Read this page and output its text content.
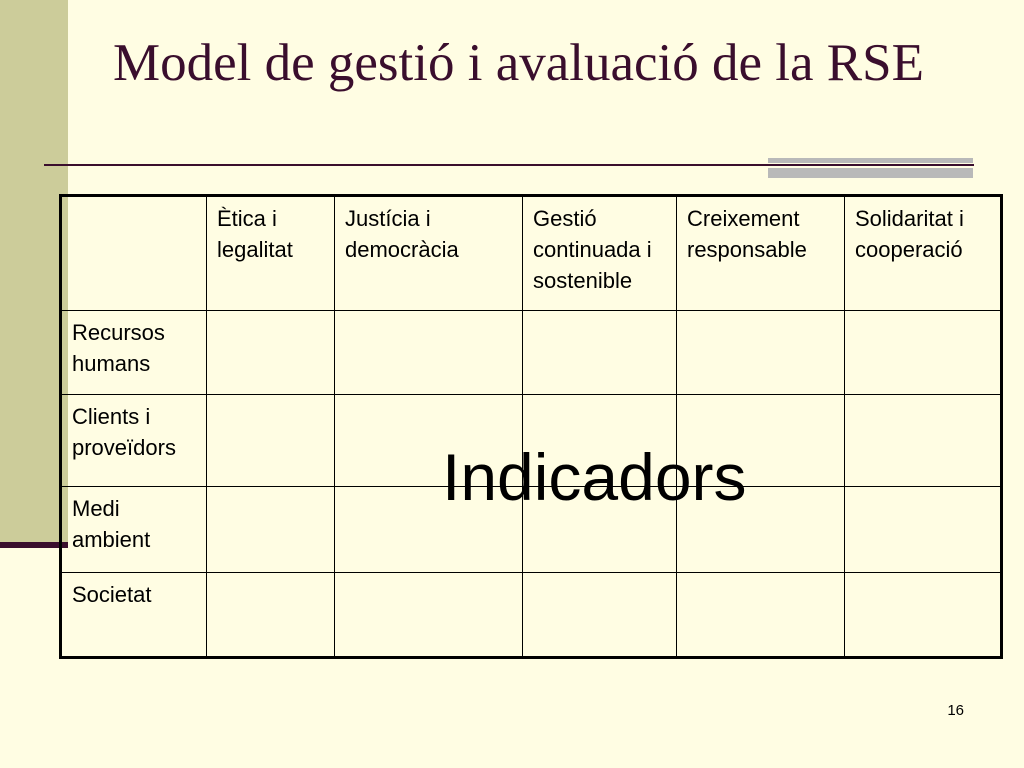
Model de gestió i avaluació de la RSE
	Ètica i legalitat	Justícia i democràcia	Gestió continuada i sostenible	Creixement responsable	Solidaritat i cooperació
Recursos humans					
Clients i proveïdors					
Medi ambient					
Societat					
Indicadors
16
